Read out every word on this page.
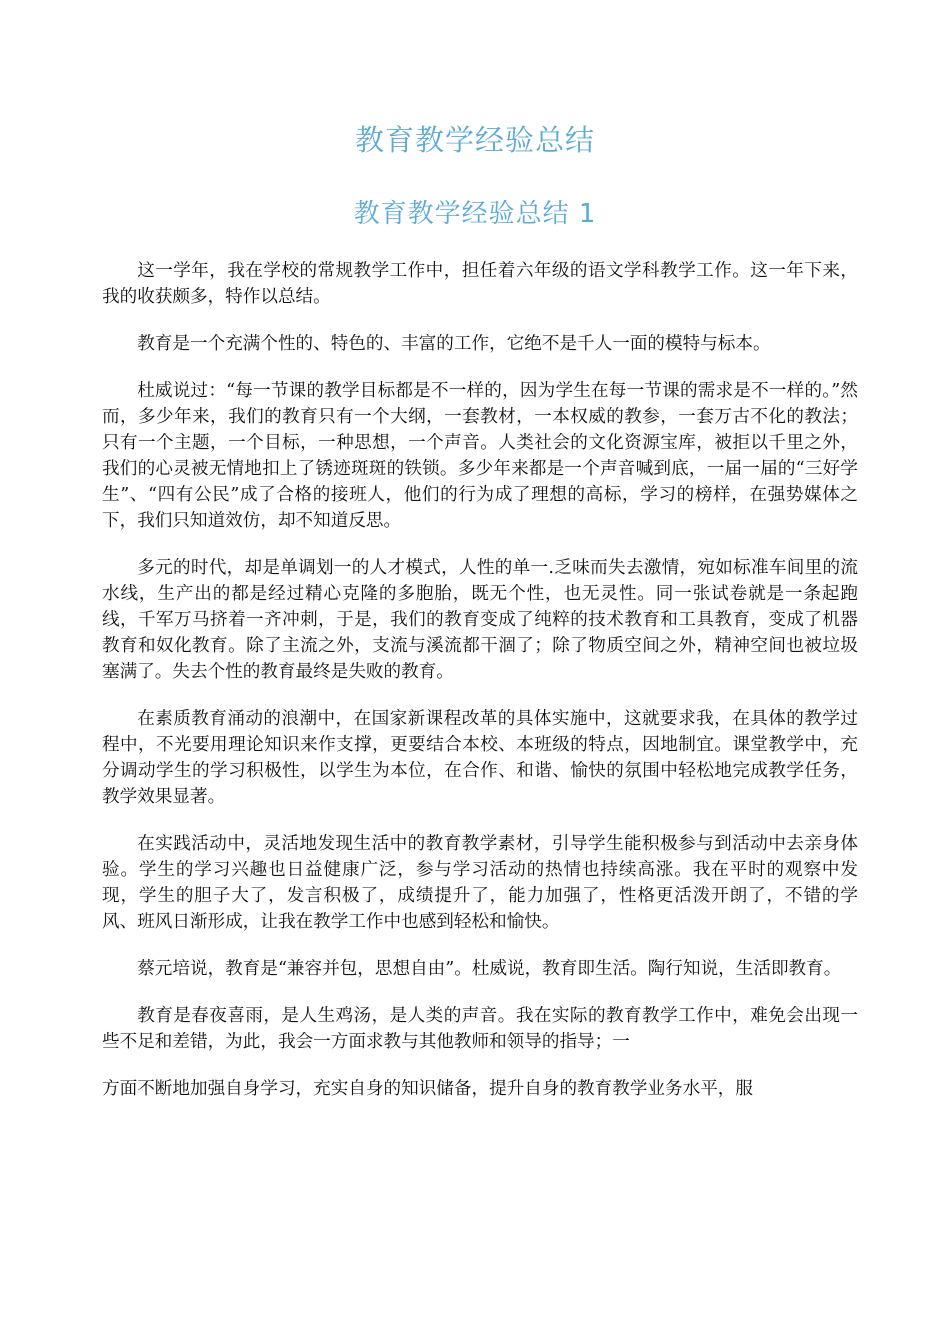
教育教学经验总结
教育教学经验总结 1

这一学年，我在学校的常规教学工作中，担任着六年级的语文学科教学工作。这一年下来，我的收获颇多，特作以总结。

教育是一个充满个性的、特色的、丰富的工作，它绝不是千人一面的模特与标本。

杜威说过：“每一节课的教学目标都是不一样的，因为学生在每一节课的需求是不一样的。”然而，多少年来，我们的教育只有一个大纲，一套教材，一本权威的教参，一套万古不化的教法；只有一个主题，一个目标，一种思想，一个声音。人类社会的文化资源宝库，被拒以千里之外，我们的心灵被无情地扣上了锈迹斑斑的铁锁。多少年来都是一个声音喊到底，一届一届的“三好学生”、“四有公民”成了合格的接班人，他们的行为成了理想的高标，学习的榜样，在强势媒体之下，我们只知道效仿，却不知道反思。

多元的时代，却是单调划一的人才模式，人性的单一.乏味而失去激情，宛如标准车间里的流水线，生产出的都是经过精心克隆的多胞胎，既无个性，也无灵性。同一张试卷就是一条起跑线，千军万马挤着一齐冲刺，于是，我们的教育变成了纯粹的技术教育和工具教育，变成了机器教育和奴化教育。除了主流之外，支流与溪流都干涸了；除了物质空间之外，精神空间也被垃圾塞满了。失去个性的教育最终是失败的教育。

在素质教育涌动的浪潮中，在国家新课程改革的具体实施中，这就要求我，在具体的教学过程中，不光要用理论知识来作支撑，更要结合本校、本班级的特点，因地制宜。课堂教学中，充分调动学生的学习积极性，以学生为本位，在合作、和谐、愉快的氛围中轻松地完成教学任务，教学效果显著。

在实践活动中，灵活地发现生活中的教育教学素材，引导学生能积极参与到活动中去亲身体验。学生的学习兴趣也日益健康广泛，参与学习活动的热情也持续高涨。我在平时的观察中发现，学生的胆子大了，发言积极了，成绩提升了，能力加强了，性格更活泼开朗了，不错的学风、班风日渐形成，让我在教学工作中也感到轻松和愉快。

蔡元培说，教育是“兼容并包，思想自由”。杜威说，教育即生活。陶行知说，生活即教育。

教育是春夜喜雨，是人生鸡汤，是人类的声音。我在实际的教育教学工作中，难免会出现一些不足和差错，为此，我会一方面求教与其他教师和领导的指导；一

方面不断地加强自身学习，充实自身的知识储备，提升自身的教育教学业务水平，服
